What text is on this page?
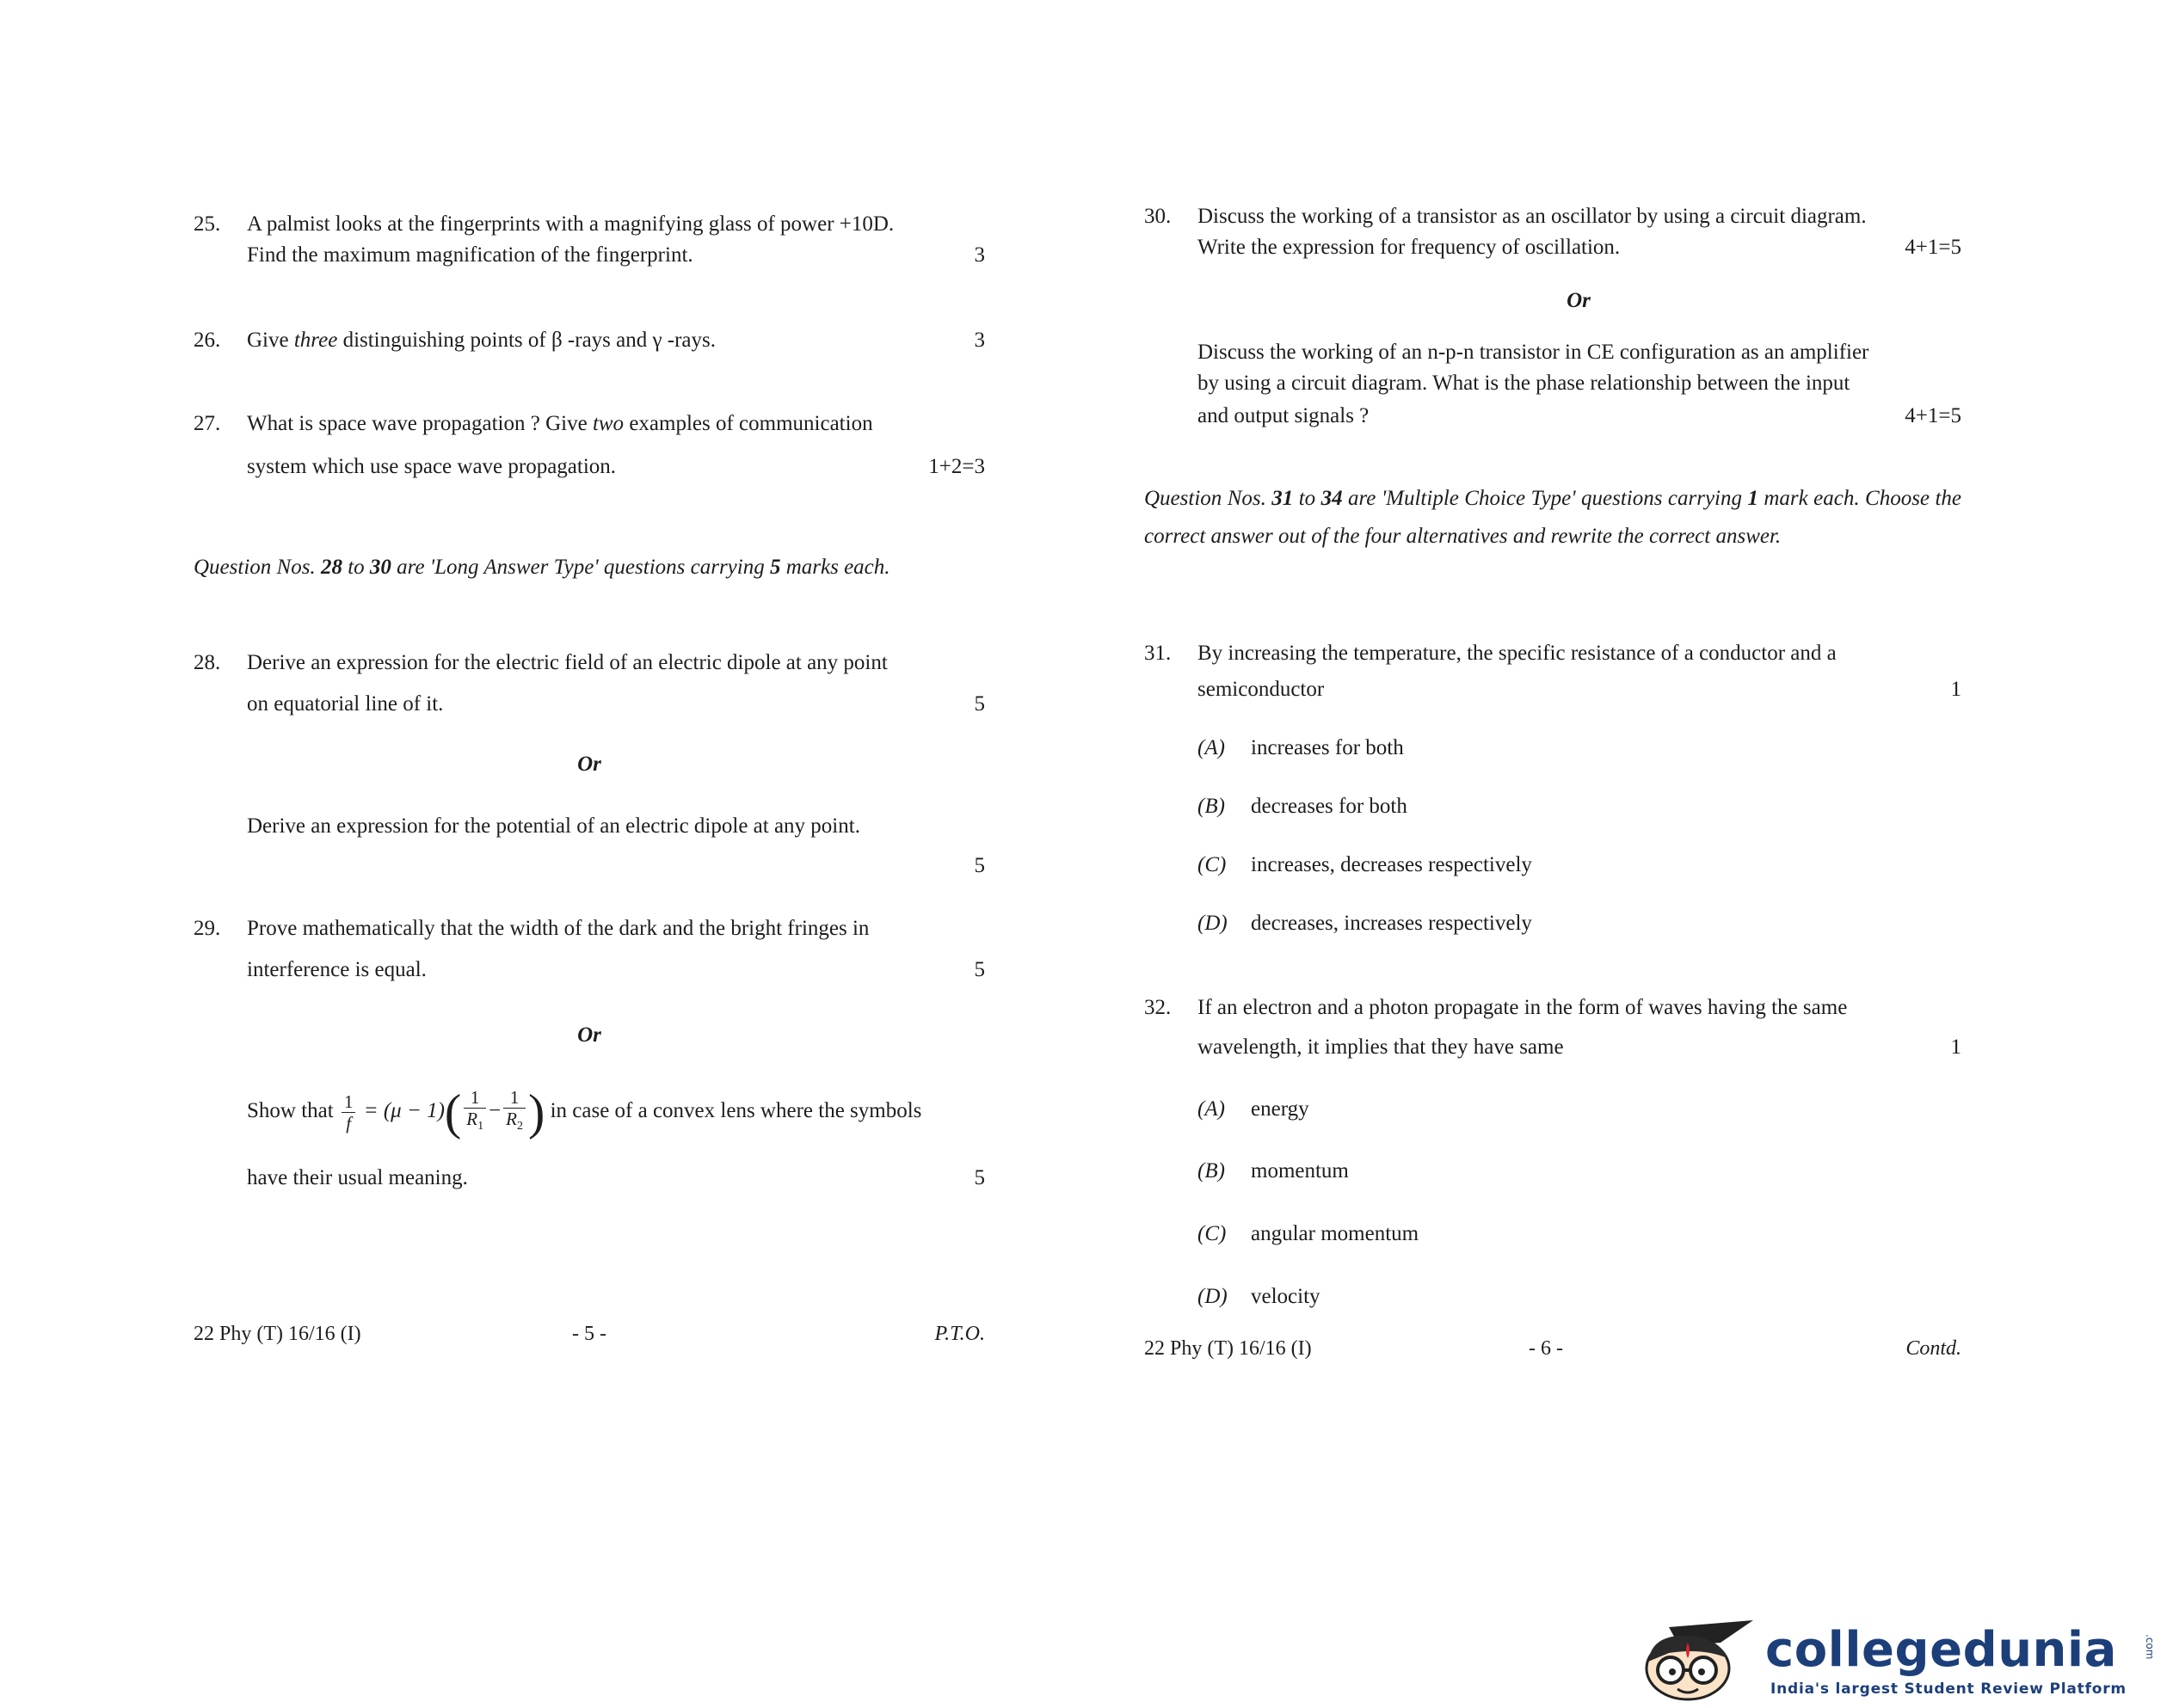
25. A palmist looks at the fingerprints with a magnifying glass of power +10D.
Find the maximum magnification of the fingerprint.	3
26. Give three distinguishing points of β -rays and γ -rays.	3
27. What is space wave propagation ? Give two examples of communication
system which use space wave propagation.	1+2=3
Question Nos. 28 to 30 are 'Long Answer Type' questions carrying 5 marks each.
28. Derive an expression for the electric field of an electric dipole at any point
on equatorial line of it.	5
Or
Derive an expression for the potential of an electric dipole at any point.
5
29. Prove mathematically that the width of the dark and the bright fringes in
interference is equal.	5
Or
Show that $\frac{1}{f} = (\mu - 1)( \frac{1}{R_1} - \frac{1}{R_2}$ ) in case of a convex lens where the symbols
have their usual meaning.	5
22 Phy (T) 16/16 (I)	- 5 -	P.T.O.
30. Discuss the working of a transistor as an oscillator by using a circuit diagram.
Write the expression for frequency of oscillation.	4+1=5
Or
Discuss the working of an n-p-n transistor in CE configuration as an amplifier
by using a circuit diagram. What is the phase relationship between the input
and output signals ?	4+1=5
Question Nos. 31 to 34 are 'Multiple Choice Type' questions carrying 1 mark each. Choose the correct answer out of the four alternatives and rewrite the correct answer.
31. By increasing the temperature, the specific resistance of a conductor and a
semiconductor	1
(A) increases for both
(B) decreases for both
(C) increases, decreases respectively
(D) decreases, increases respectively
32. If an electron and a photon propagate in the form of waves having the same
wavelength, it implies that they have same	1
(A) energy
(B) momentum
(C) angular momentum
(D) velocity
22 Phy (T) 16/16 (I)	- 6 -	Contd.
collegedunia	.com
India's largest Student Review Platform
